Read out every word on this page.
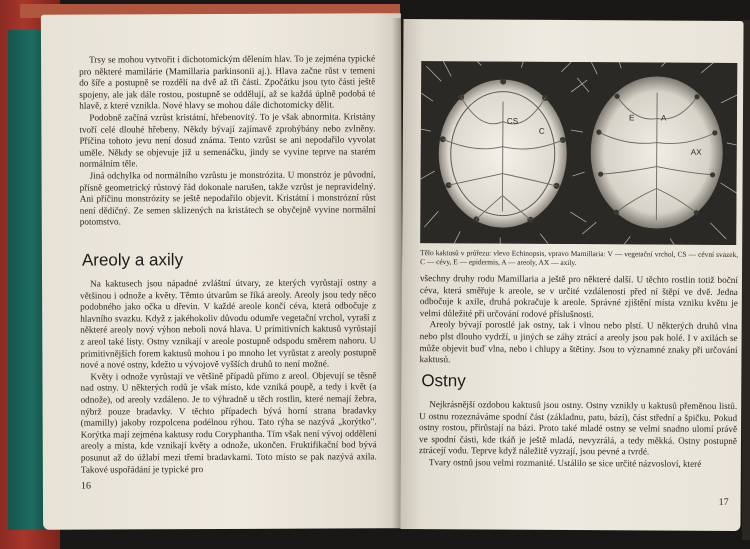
Trsy se mohou vytvořit i dichotomickým dělením hlav. To je zejména typické pro některé mamilárie (Mamillaria parkinsonii aj.). Hlava začne růst v temeni do šíře a postupně se rozdělí na dvě až tři části. Zpočátku jsou tyto části ještě spojeny, ale jak dále rostou, postupně se oddělují, až se každá úplně podobá té hlavě, z které vznikla. Nové hlavy se mohou dále dichotomicky dělit.

Podobně začíná vzrůst kristátní, hřebenovitý. To je však abnormita. Kristány tvoří celé dlouhé hřebeny. Někdy bývají zajímavě zprohýbány nebo zvlněny. Příčina tohoto jevu není dosud známa. Tento vzrůst se ani nepodařilo vyvolat uměle. Někdy se objevuje již u semenáčku, jindy se vyvine teprve na starém normálním těle.

Jiná odchylka od normálního vzrůstu je monstrózita. U monstróz je původní, přísně geometrický růstový řád dokonale narušen, takže vzrůst je nepravidelný. Ani příčinu monstrózity se ještě nepodařilo objevit. Kristátní i monstrózní růst není dědičný. Ze semen sklizených na kristátech se obyčejně vyvine normální potomstvo.

Areoly a axily

Na kaktusech jsou nápadné zvláštní útvary, ze kterých vyrůstají ostny a většinou i odnože a květy. Těmto útvarům se říká areoly. Areoly jsou tedy něco podobného jako očka u dřevin. V každé areole končí céva, která odbočuje z hlavního svazku. Když z jakéhokoliv důvodu odumře vegetační vrchol, vyraší z některé areoly nový výhon neboli nová hlava. U primitivních kaktusů vyrůstají z areol také listy. Ostny vznikají v areole postupně odspodu směrem nahoru. U primitivnějších forem kaktusů mohou i po mnoho let vyrůstat z areoly postupně nové a nové ostny, kdežto u vývojově vyšších druhů to není možné.

Květy i odnože vyrůstají ve většině případů přímo z areol. Objevují se těsně nad ostny. U některých rodů je však místo, kde vzniká poupě, a tedy i květ (a odnože), od areoly vzdáleno. Je to výhradně u těch rostlin, které nemají žebra, nýbrž pouze bradavky. V těchto případech bývá horní strana bradavky (mamilly) jakoby rozpolcena podélnou rýhou. Tato rýha se nazývá „korýtko". Korýtka mají zejména kaktusy rodu Coryphantha. Tím však není vývoj oddělení areoly a místa, kde vznikají květy a odnože, ukončen. Fruktifikační bod bývá posunut až do úžlabí mezi třemi bradavkami. Toto místo se pak nazývá axila. Takové uspořádání je typické pro

16
V
CS
C
E	A
AX
Tělo kaktusů v průřezu: vlevo Echinopsis, vpravo Mamillaria: V — vegetační vrchol, CS — cévní svazek, C — cévy, E — epidermis, A — areoly, AX — axily.

všechny druhy rodu Mamillaria a ještě pro některé další. U těchto rostlin totiž boční céva, která směřuje k areole, se v určité vzdálenosti před ní štěpí ve dvě. Jedna odbočuje k axile, druhá pokračuje k areole. Správné zjištění místa vzniku květu je velmi důležité při určování rodové příslušnosti.

Areoly bývají porostlé jak ostny, tak i vlnou nebo plstí. U některých druhů vlna nebo plst dlouho vydrží, u jiných se záhy ztrácí a areoly jsou pak holé. I v axilách se může objevit buď vlna, nebo i chlupy a štětiny. Jsou to významné znaky při určování kaktusů.

Ostny

Nejkrásnější ozdobou kaktusů jsou ostny. Ostny vznikly u kaktusů přeměnou listů. U ostnu rozeznáváme spodní část (základnu, patu, bázi), část střední a špičku. Pokud ostny rostou, přirůstají na bázi. Proto také mladé ostny se velmi snadno ulomí právě ve spodní části, kde tkáň je ještě mladá, nevyzrálá, a tedy měkká. Ostny postupně ztrácejí vodu. Teprve když náležitě vyzrají, jsou pevné a tvrdé.

Tvary ostnů jsou velmi rozmanité. Ustálilo se sice určité názvosloví, které

17
